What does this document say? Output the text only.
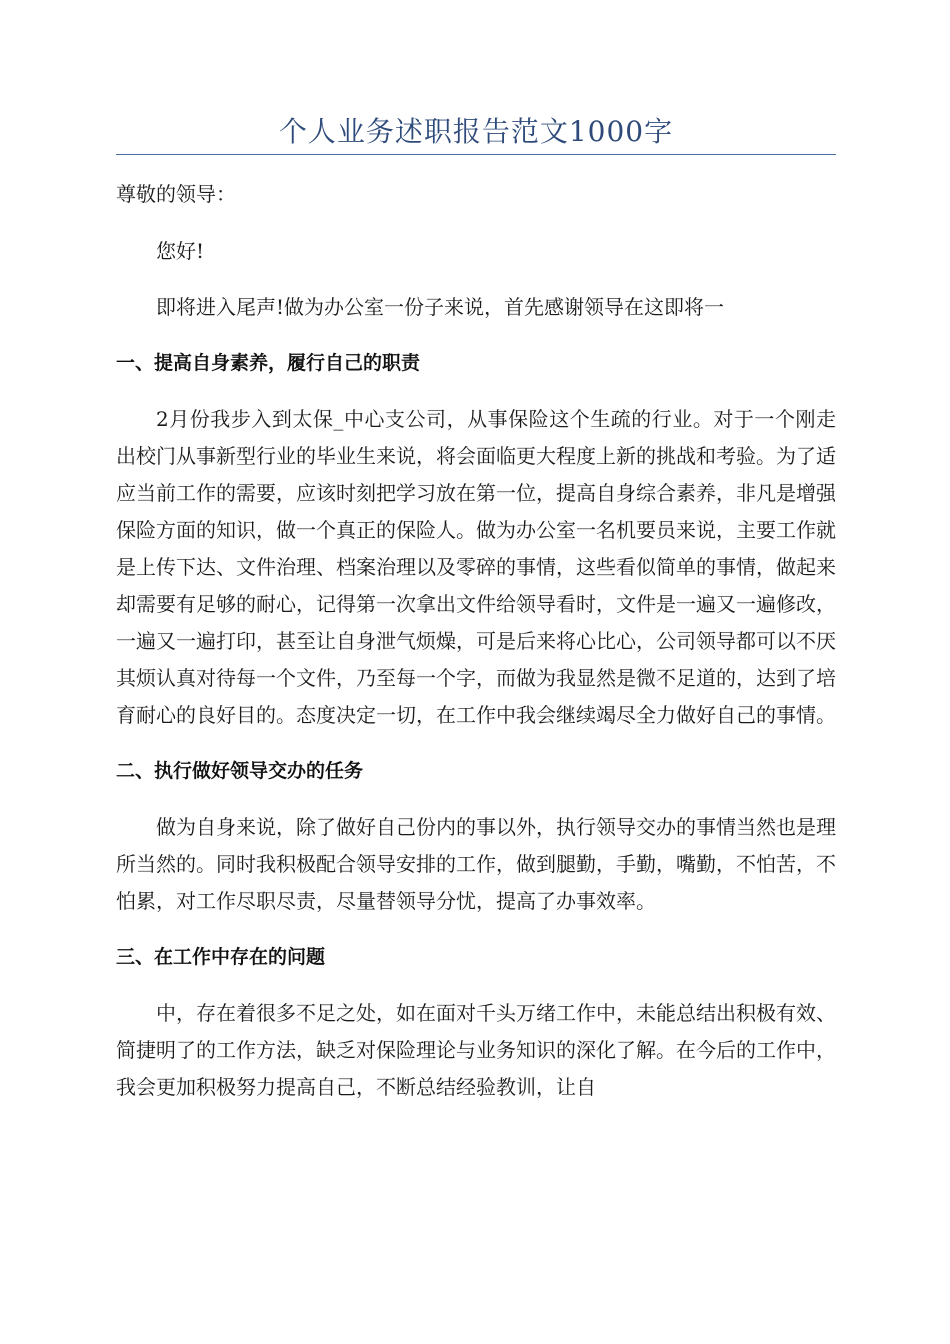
个人业务述职报告范文1000字

尊敬的领导：

您好!

即将进入尾声!做为办公室一份子来说，首先感谢领导在这即将一

一、提高自身素养，履行自己的职责

2月份我步入到太保_中心支公司，从事保险这个生疏的行业。对于一个刚走出校门从事新型行业的毕业生来说，将会面临更大程度上新的挑战和考验。为了适应当前工作的需要，应该时刻把学习放在第一位，提高自身综合素养，非凡是增强保险方面的知识，做一个真正的保险人。做为办公室一名机要员来说，主要工作就是上传下达、文件治理、档案治理以及零碎的事情，这些看似简单的事情，做起来却需要有足够的耐心，记得第一次拿出文件给领导看时，文件是一遍又一遍修改，一遍又一遍打印，甚至让自身泄气烦燥，可是后来将心比心，公司领导都可以不厌其烦认真对待每一个文件，乃至每一个字，而做为我显然是微不足道的，达到了培育耐心的良好目的。态度决定一切，在工作中我会继续竭尽全力做好自己的事情。

二、执行做好领导交办的任务

做为自身来说，除了做好自己份内的事以外，执行领导交办的事情当然也是理所当然的。同时我积极配合领导安排的工作，做到腿勤，手勤，嘴勤，不怕苦，不怕累，对工作尽职尽责，尽量替领导分忧，提高了办事效率。

三、在工作中存在的问题

中，存在着很多不足之处，如在面对千头万绪工作中，未能总结出积极有效、简捷明了的工作方法，缺乏对保险理论与业务知识的深化了解。在今后的工作中，我会更加积极努力提高自己，不断总结经验教训，让自
